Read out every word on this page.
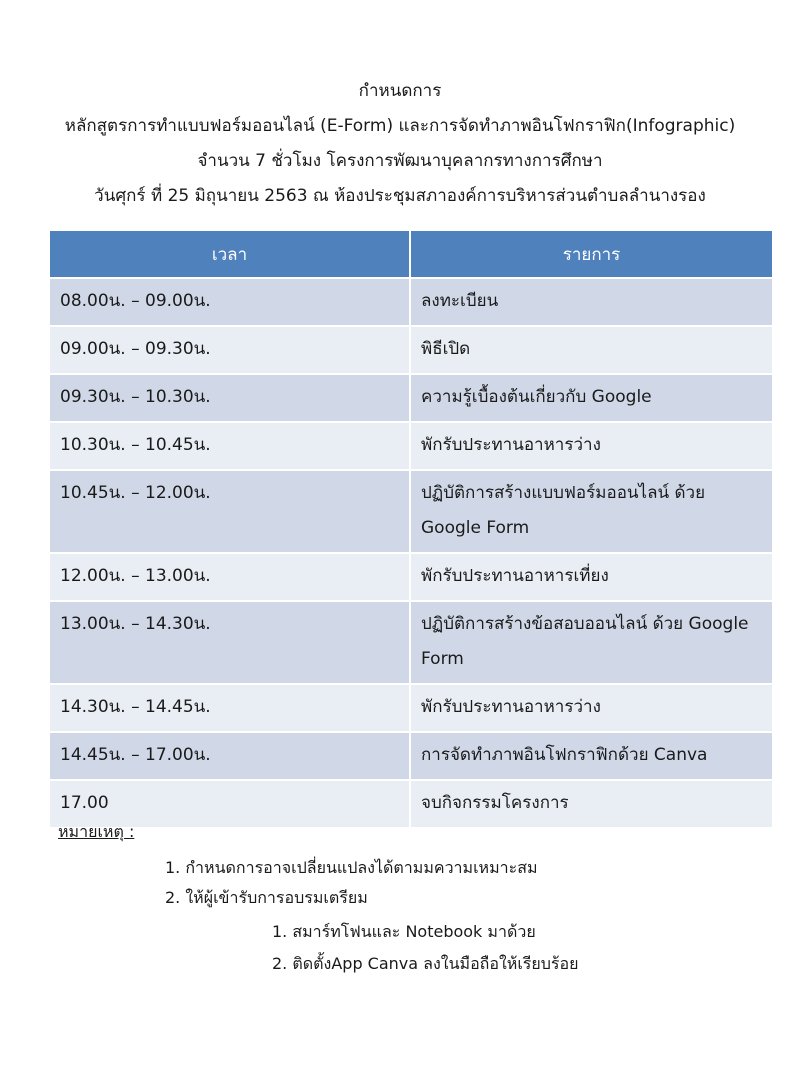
กำหนดการ
หลักสูตรการทำแบบฟอร์มออนไลน์ (E-Form) และการจัดทำภาพอินโฟกราฟิก(Infographic)
จำนวน 7 ชั่วโมง โครงการพัฒนาบุคลากรทางการศึกษา
วันศุกร์ ที่ 25 มิถุนายน 2563 ณ ห้องประชุมสภาองค์การบริหารส่วนตำบลลำนางรอง
เวลา	รายการ
08.00น. – 09.00น.	ลงทะเบียน
09.00น. – 09.30น.	พิธีเปิด
09.30น. – 10.30น.	ความรู้เบื้องต้นเกี่ยวกับ Google
10.30น. – 10.45น.	พักรับประทานอาหารว่าง
10.45น. – 12.00น.	ปฏิบัติการสร้างแบบฟอร์มออนไลน์ ด้วย Google Form
12.00น. – 13.00น.	พักรับประทานอาหารเที่ยง
13.00น. – 14.30น.	ปฏิบัติการสร้างข้อสอบออนไลน์ ด้วย Google Form
14.30น. – 14.45น.	พักรับประทานอาหารว่าง
14.45น. – 17.00น.	การจัดทำภาพอินโฟกราฟิกด้วย Canva
17.00	จบกิจกรรมโครงการ
หมายเหตุ :
1. กำหนดการอาจเปลี่ยนแปลงได้ตามมความเหมาะสม
2. ให้ผู้เข้ารับการอบรมเตรียม
1. สมาร์ทโฟนและ Notebook มาด้วย
2. ติดตั้งApp Canva ลงในมือถือให้เรียบร้อย
